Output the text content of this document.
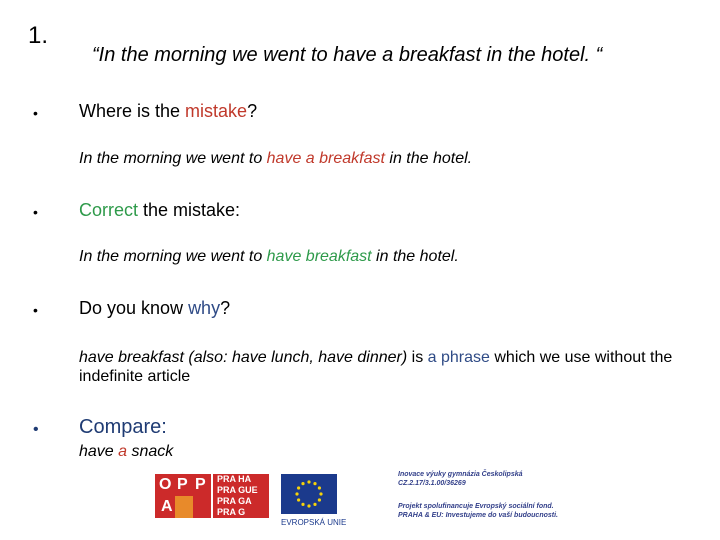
1.
“In the morning we went to have a breakfast in the hotel. “
• Where is the mistake?
In the morning we went to have a breakfast in the hotel.
• Correct the mistake:
In the morning we went to have breakfast in the hotel.
• Do you know why?
have breakfast (also: have lunch, have dinner) is a phrase which we use without the indefinite article
• Compare:
have a snack
O P P
A
PRA HA
PRA GUE
PRA GA
PRA G
EVROPSKÁ UNIE
Inovace výuky gymnázia Českolipská
CZ.2.17/3.1.00/36269
Projekt spolufinancuje Evropský sociální fond.
PRAHA & EU: Investujeme do vaší budoucnosti.
